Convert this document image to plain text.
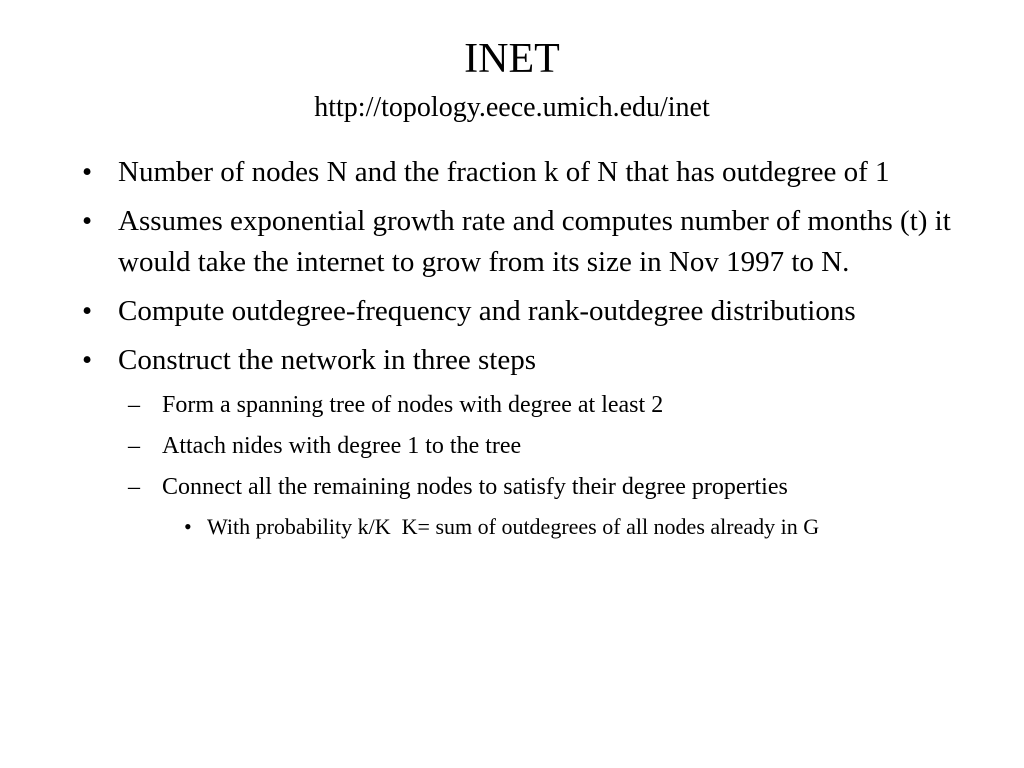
INET
http://topology.eece.umich.edu/inet
• Number of nodes N and the fraction k of N that has outdegree of 1
• Assumes exponential growth rate and computes number of months (t) it would take the internet to grow from its size in Nov 1997 to N.
• Compute outdegree-frequency and rank-outdegree distributions
• Construct the network in three steps
– Form a spanning tree of nodes with degree at least 2
– Attach nides with degree 1 to the tree
– Connect all the remaining nodes to satisfy their degree properties
• With probability k/K  K= sum of outdegrees of all nodes already in G
